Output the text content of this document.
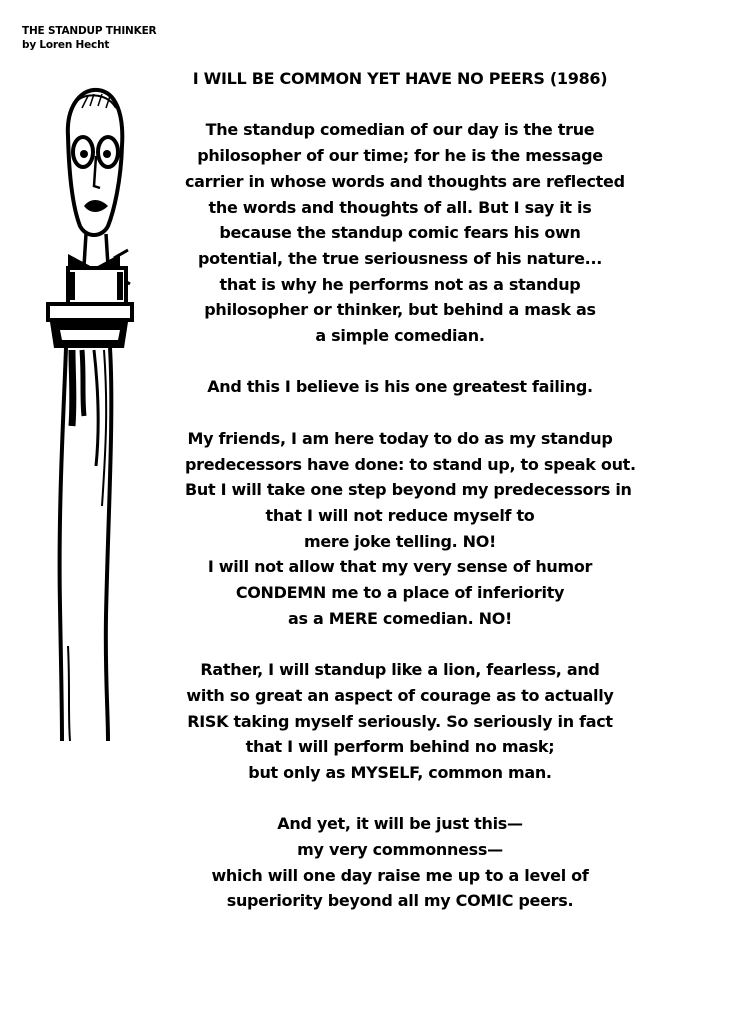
THE STANDUP THINKER
by Loren Hecht
I WILL BE COMMON YET HAVE NO PEERS (1986)
The standup comedian of our day is the true
philosopher of our time; for he is the message
carrier in whose words and thoughts are reflected
the words and thoughts of all. But I say it is
because the standup comic fears his own
potential, the true seriousness of his nature...
that is why he performs not as a standup
philosopher or thinker, but behind a mask as
a simple comedian.
And this I believe is his one greatest failing.
My friends, I am here today to do as my standup
predecessors have done: to stand up, to speak out.
But I will take one step beyond my predecessors in
that I will not reduce myself to
mere joke telling. NO!
I will not allow that my very sense of humor
CONDEMN me to a place of inferiority
as a MERE comedian. NO!
Rather, I will standup like a lion, fearless, and
with so great an aspect of courage as to actually
RISK taking myself seriously. So seriously in fact
that I will perform behind no mask;
but only as MYSELF, common man.
And yet, it will be just this—
my very commonness—
which will one day raise me up to a level of
superiority beyond all my COMIC peers.
